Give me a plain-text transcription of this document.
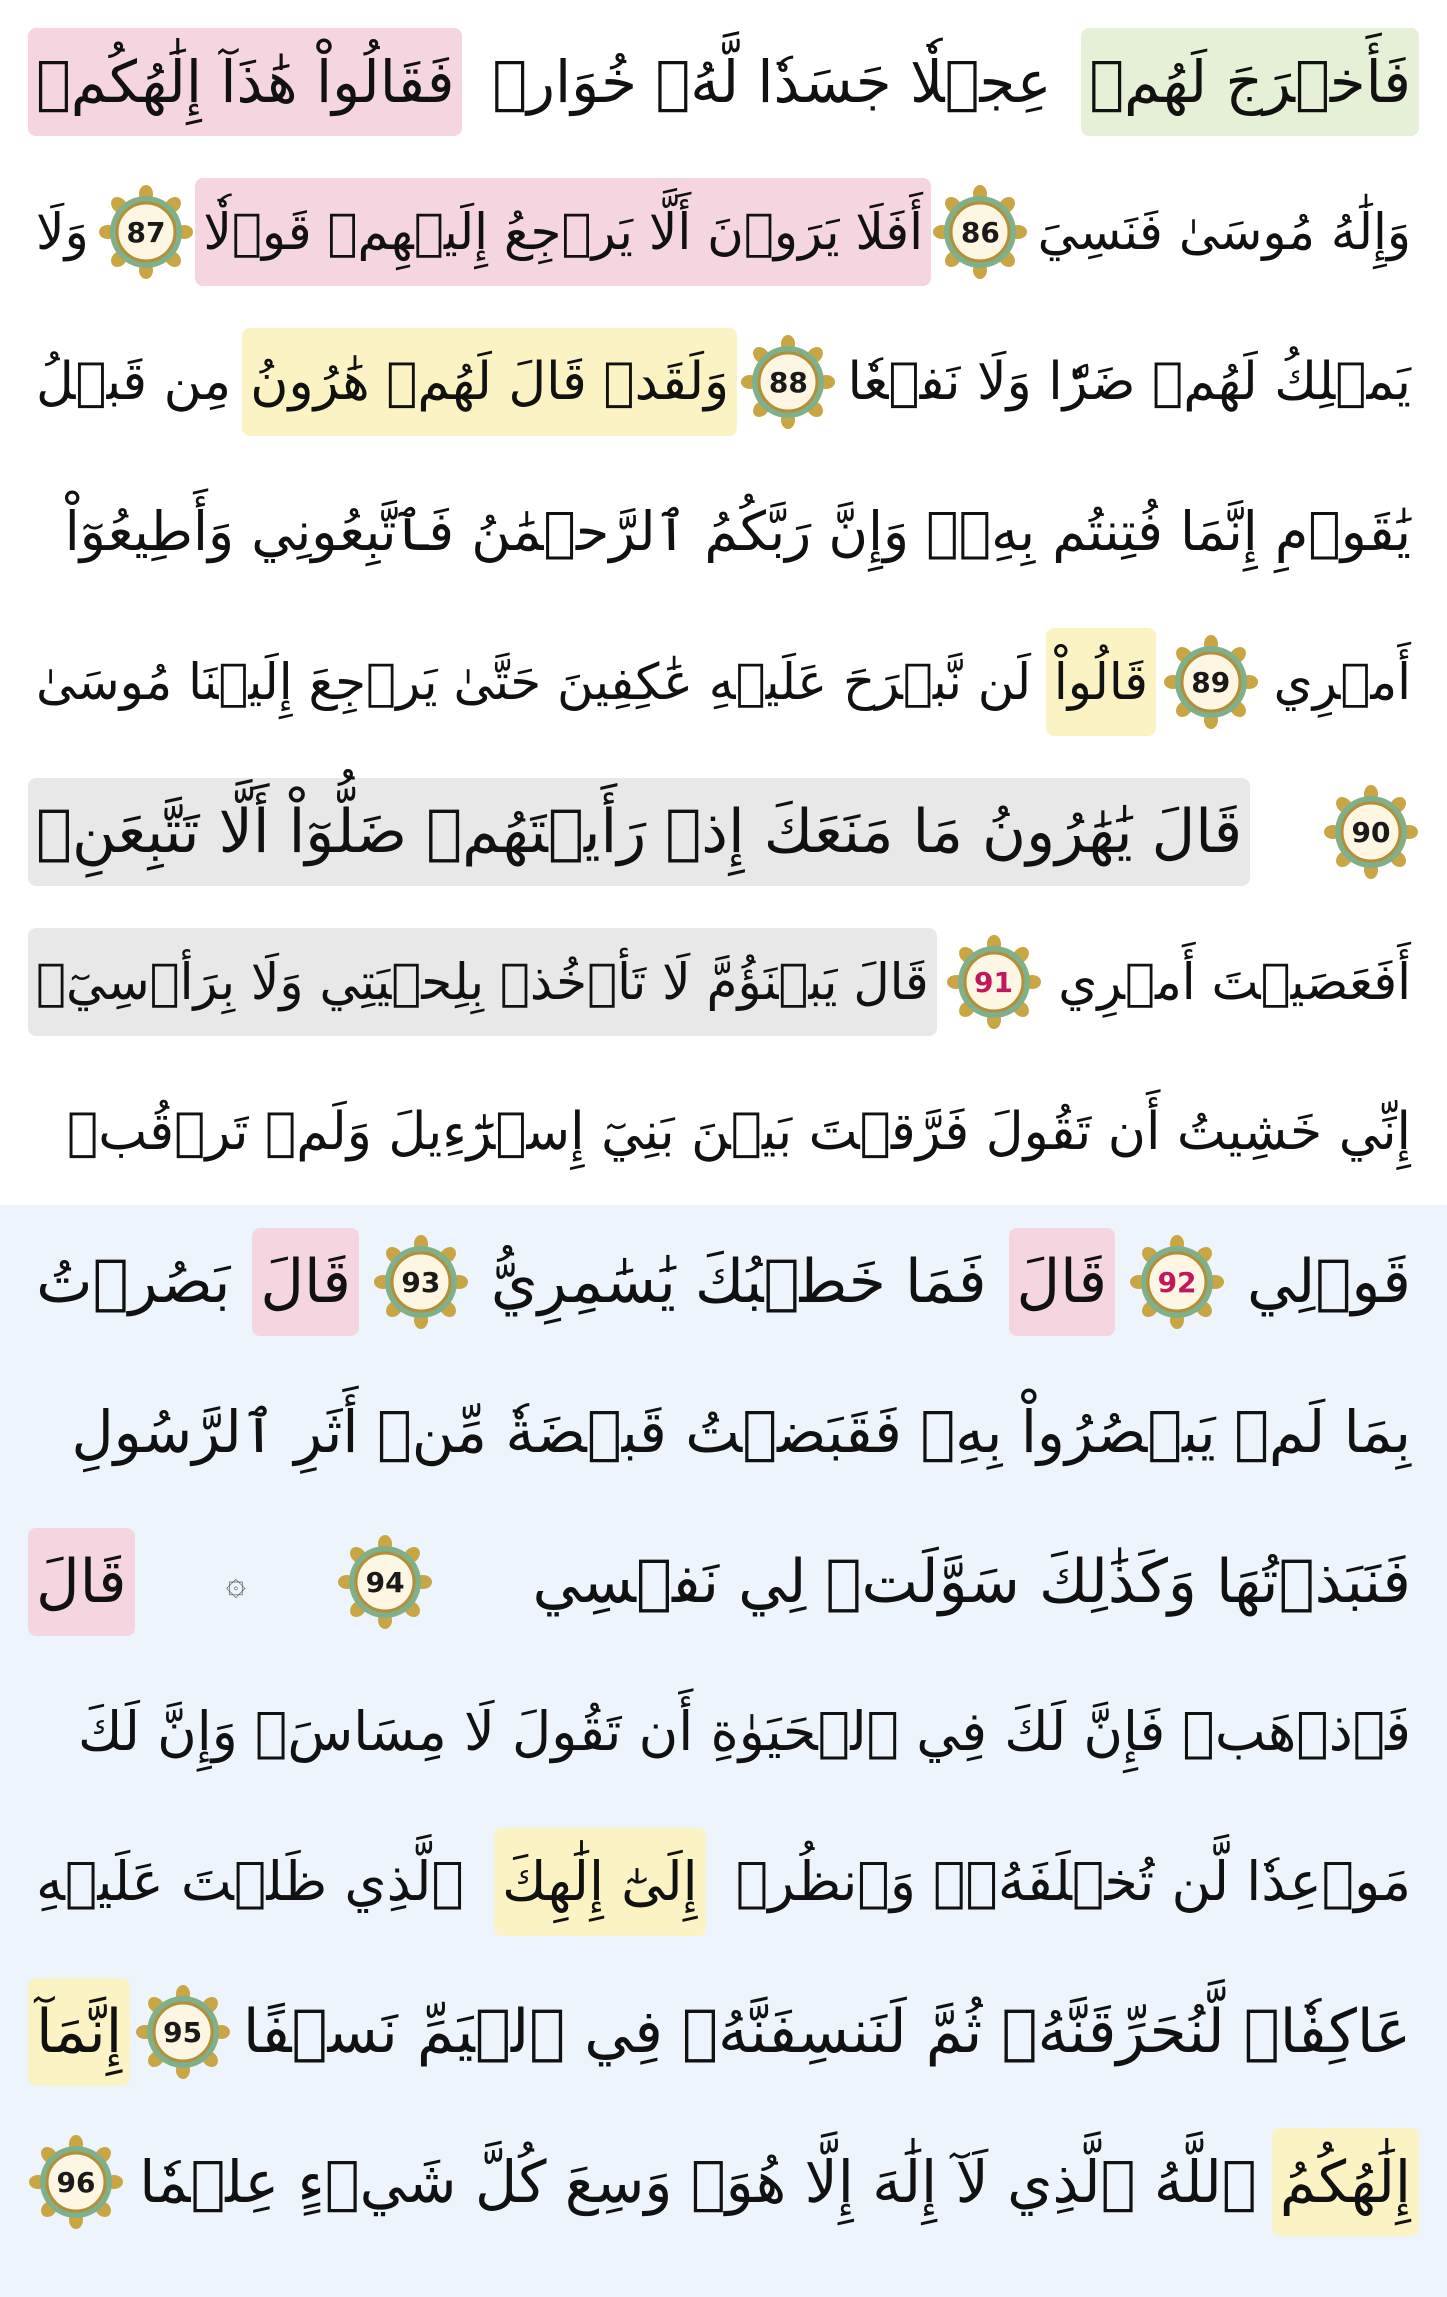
فَأَخۡرَجَ لَهُمۡ
عِجۡلٗا جَسَدٗا لَّهُۥ خُوَارٞ
فَقَالُواْ هَٰذَآ إِلَٰهُكُمۡ
وَإِلَٰهُ مُوسَىٰ فَنَسِيَ
86
أَفَلَا يَرَوۡنَ أَلَّا يَرۡجِعُ إِلَيۡهِمۡ قَوۡلٗا
87
وَلَا
يَمۡلِكُ لَهُمۡ ضَرّٗا وَلَا نَفۡعٗا
88
وَلَقَدۡ قَالَ لَهُمۡ هَٰرُونُ
مِن قَبۡلُ
يَٰقَوۡمِ إِنَّمَا فُتِنتُم بِهِۦۖ وَإِنَّ رَبَّكُمُ ٱلرَّحۡمَٰنُ فَٱتَّبِعُونِي وَأَطِيعُوٓاْ
أَمۡرِي
89
قَالُواْ
لَن نَّبۡرَحَ عَلَيۡهِ عَٰكِفِينَ حَتَّىٰ يَرۡجِعَ إِلَيۡنَا مُوسَىٰ
90
قَالَ يَٰهَٰرُونُ مَا مَنَعَكَ إِذۡ رَأَيۡتَهُمۡ ضَلُّوٓاْ أَلَّا تَتَّبِعَنِۖ
أَفَعَصَيۡتَ أَمۡرِي
91
قَالَ يَبۡنَؤُمَّ لَا تَأۡخُذۡ بِلِحۡيَتِي وَلَا بِرَأۡسِيٓۖ
إِنِّي خَشِيتُ أَن تَقُولَ فَرَّقۡتَ بَيۡنَ بَنِيٓ إِسۡرَٰٓءِيلَ وَلَمۡ تَرۡقُبۡ
قَوۡلِي
92
قَالَ
فَمَا خَطۡبُكَ يَٰسَٰمِرِيُّ
93
قَالَ
بَصُرۡتُ
بِمَا لَمۡ يَبۡصُرُواْ بِهِۦ فَقَبَضۡتُ قَبۡضَةٗ مِّنۡ أَثَرِ ٱلرَّسُولِ
فَنَبَذۡتُهَا وَكَذَٰلِكَ سَوَّلَتۡ لِي نَفۡسِي
94
۞
قَالَ
فَٱذۡهَبۡ فَإِنَّ لَكَ فِي ٱلۡحَيَوٰةِ أَن تَقُولَ لَا مِسَاسَۖ وَإِنَّ لَكَ
مَوۡعِدٗا لَّن تُخۡلَفَهُۥۖ وَٱنظُرۡ
إِلَىٰٓ إِلَٰهِكَ
ٱلَّذِي ظَلۡتَ عَلَيۡهِ
عَاكِفٗاۖ لَّنُحَرِّقَنَّهُۥ ثُمَّ لَنَنسِفَنَّهُۥ فِي ٱلۡيَمِّ نَسۡفًا
95
إِنَّمَآ
إِلَٰهُكُمُ
ٱللَّهُ ٱلَّذِي لَآ إِلَٰهَ إِلَّا هُوَۚ وَسِعَ كُلَّ شَيۡءٍ عِلۡمٗا
96
